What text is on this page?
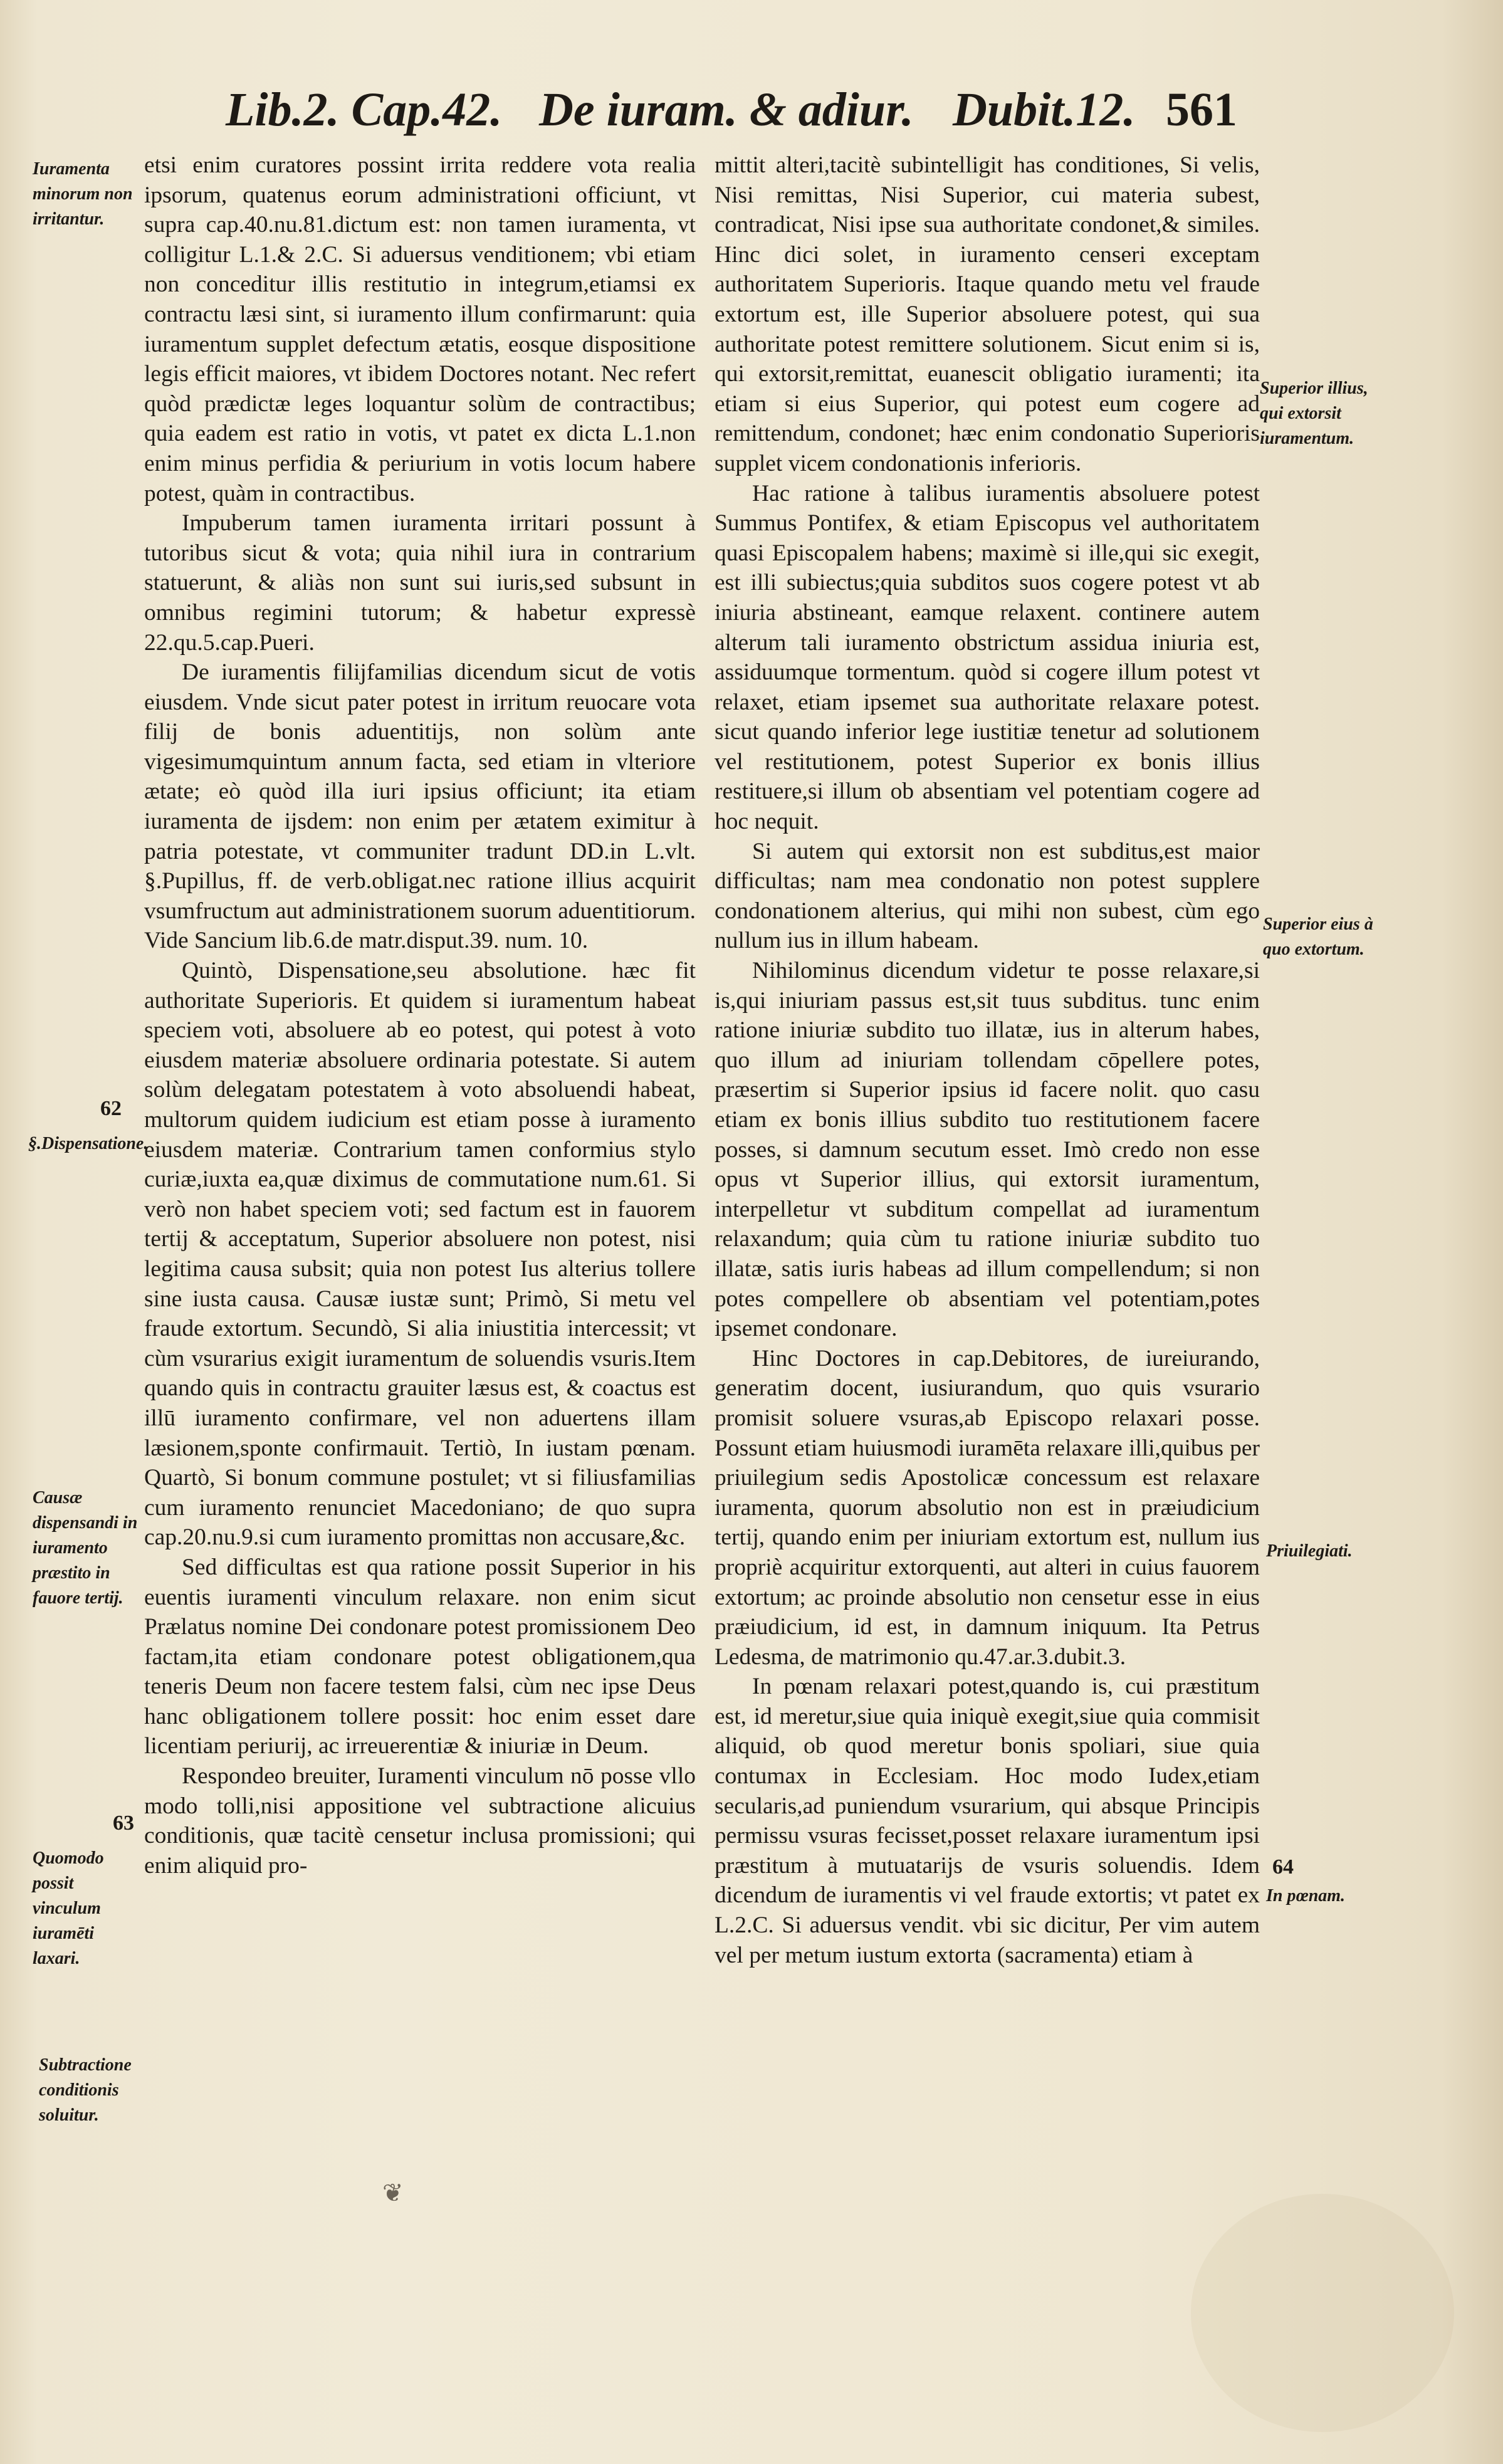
Lib.2. Cap.42. De iuram. & adiur. Dubit.12. 561

etsi enim curatores possint irrita reddere vota realia ipsorum, quatenus eorum administrationi officiunt, vt supra cap.40.nu.81.dictum est: non tamen iuramenta, vt colligitur L.1.& 2.C. Si aduersus venditionem; vbi etiam non conceditur illis restitutio in integrum,etiamsi ex contractu læsi sint, si iuramento illum confirmarunt: quia iuramentum supplet defectum ætatis, eosque dispositione legis efficit maiores, vt ibidem Doctores notant. Nec refert quòd prædictæ leges loquantur solùm de contractibus; quia eadem est ratio in votis, vt patet ex dicta L.1.non enim minus perfidia & periurium in votis locum habere potest, quàm in contractibus.

Impuberum tamen iuramenta irritari possunt à tutoribus sicut & vota; quia nihil iura in contrarium statuerunt, & aliàs non sunt sui iuris,sed subsunt in omnibus regimini tutorum; & habetur expressè 22.qu.5.cap.Pueri.

De iuramentis filijfamilias dicendum sicut de votis eiusdem. Vnde sicut pater potest in irritum reuocare vota filij de bonis aduentitijs, non solùm ante vigesimumquintum annum facta, sed etiam in vlteriore ætate; eò quòd illa iuri ipsius officiunt; ita etiam iuramenta de ijsdem: non enim per ætatem eximitur à patria potestate, vt communiter tradunt DD.in L.vlt. §.Pupillus, ff. de verb.obligat.nec ratione illius acquirit vsumfructum aut administrationem suorum aduentitiorum. Vide Sancium lib.6.de matr.disput.39. num. 10.

Quintò, Dispensatione,seu absolutione. hæc fit authoritate Superioris. Et quidem si iuramentum habeat speciem voti, absoluere ab eo potest, qui potest à voto eiusdem materiæ absoluere ordinaria potestate. Si autem solùm delegatam potestatem à voto absoluendi habeat, multorum quidem iudicium est etiam posse à iuramento eiusdem materiæ. Contrarium tamen conformius stylo curiæ,iuxta ea,quæ diximus de commutatione num.61. Si verò non habet speciem voti; sed factum est in fauorem tertij & acceptatum, Superior absoluere non potest, nisi legitima causa subsit; quia non potest Ius alterius tollere sine iusta causa. Causæ iustæ sunt; Primò, Si metu vel fraude extortum. Secundò, Si alia iniustitia intercessit; vt cùm vsurarius exigit iuramentum de soluendis vsuris.Item quando quis in contractu grauiter læsus est, & coactus est illū iuramento confirmare, vel non aduertens illam læsionem,sponte confirmauit. Tertiò, In iustam pœnam. Quartò, Si bonum commune postulet; vt si filiusfamilias cum iuramento renunciet Macedoniano; de quo supra cap.20.nu.9.si cum iuramento promittas non accusare,&c.

Sed difficultas est qua ratione possit Superior in his euentis iuramenti vinculum relaxare. non enim sicut Prælatus nomine Dei condonare potest promissionem Deo factam,ita etiam condonare potest obligationem,qua teneris Deum non facere testem falsi, cùm nec ipse Deus hanc obligationem tollere possit: hoc enim esset dare licentiam periurij, ac irreuerentiæ & iniuriæ in Deum.

Respondeo breuiter, Iuramenti vinculum nō posse vllo modo tolli,nisi appositione vel subtractione alicuius conditionis, quæ tacitè censetur inclusa promissioni; qui enim aliquid pro-

mittit alteri,tacitè subintelligit has conditiones, Si velis, Nisi remittas, Nisi Superior, cui materia subest, contradicat, Nisi ipse sua authoritate condonet,& similes. Hinc dici solet, in iuramento censeri exceptam authoritatem Superioris. Itaque quando metu vel fraude extortum est, ille Superior absoluere potest, qui sua authoritate potest remittere solutionem. Sicut enim si is, qui extorsit,remittat, euanescit obligatio iuramenti; ita etiam si eius Superior, qui potest eum cogere ad remittendum, condonet; hæc enim condonatio Superioris supplet vicem condonationis inferioris.

Hac ratione à talibus iuramentis absoluere potest Summus Pontifex, & etiam Episcopus vel authoritatem quasi Episcopalem habens; maximè si ille,qui sic exegit, est illi subiectus;quia subditos suos cogere potest vt ab iniuria abstineant, eamque relaxent. continere autem alterum tali iuramento obstrictum assidua iniuria est, assiduumque tormentum. quòd si cogere illum potest vt relaxet, etiam ipsemet sua authoritate relaxare potest. sicut quando inferior lege iustitiæ tenetur ad solutionem vel restitutionem, potest Superior ex bonis illius restituere,si illum ob absentiam vel potentiam cogere ad hoc nequit.

Si autem qui extorsit non est subditus,est maior difficultas; nam mea condonatio non potest supplere condonationem alterius, qui mihi non subest, cùm ego nullum ius in illum habeam.

Nihilominus dicendum videtur te posse relaxare,si is,qui iniuriam passus est,sit tuus subditus. tunc enim ratione iniuriæ subdito tuo illatæ, ius in alterum habes, quo illum ad iniuriam tollendam cōpellere potes, præsertim si Superior ipsius id facere nolit. quo casu etiam ex bonis illius subdito tuo restitutionem facere posses, si damnum secutum esset. Imò credo non esse opus vt Superior illius, qui extorsit iuramentum, interpelletur vt subditum compellat ad iuramentum relaxandum; quia cùm tu ratione iniuriæ subdito tuo illatæ, satis iuris habeas ad illum compellendum; si non potes compellere ob absentiam vel potentiam,potes ipsemet condonare.

Hinc Doctores in cap.Debitores, de iureiurando, generatim docent, iusiurandum, quo quis vsurario promisit soluere vsuras,ab Episcopo relaxari posse. Possunt etiam huiusmodi iuramēta relaxare illi,quibus per priuilegium sedis Apostolicæ concessum est relaxare iuramenta, quorum absolutio non est in præiudicium tertij, quando enim per iniuriam extortum est, nullum ius propriè acquiritur extorquenti, aut alteri in cuius fauorem extortum; ac proinde absolutio non censetur esse in eius præiudicium, id est, in damnum iniquum. Ita Petrus Ledesma, de matrimonio qu.47.ar.3.dubit.3.

In pœnam relaxari potest,quando is, cui præstitum est, id meretur,siue quia iniquè exegit,siue quia commisit aliquid, ob quod meretur bonis spoliari, siue quia contumax in Ecclesiam. Hoc modo Iudex,etiam secularis,ad puniendum vsurarium, qui absque Principis permissu vsuras fecisset,posset relaxare iuramentum ipsi præstitum à mutuatarijs de vsuris soluendis. Idem dicendum de iuramentis vi vel fraude extortis; vt patet ex L.2.C. Si aduersus vendit. vbi sic dicitur, Per vim autem vel per metum iustum extorta (sacramenta) etiam à

Iuramenta minorum non irritantur.
62
§.Dispensatione.
Causæ dispensandi in iuramento præstito in fauore tertij.
63
Quomodo possit vinculum iuramēti laxari.
Subtractione conditionis soluitur.
Superior illius, qui extorsit iuramentum.
Superior eius à quo extortum.
Priuilegiati.
64
In pœnam.
❦
